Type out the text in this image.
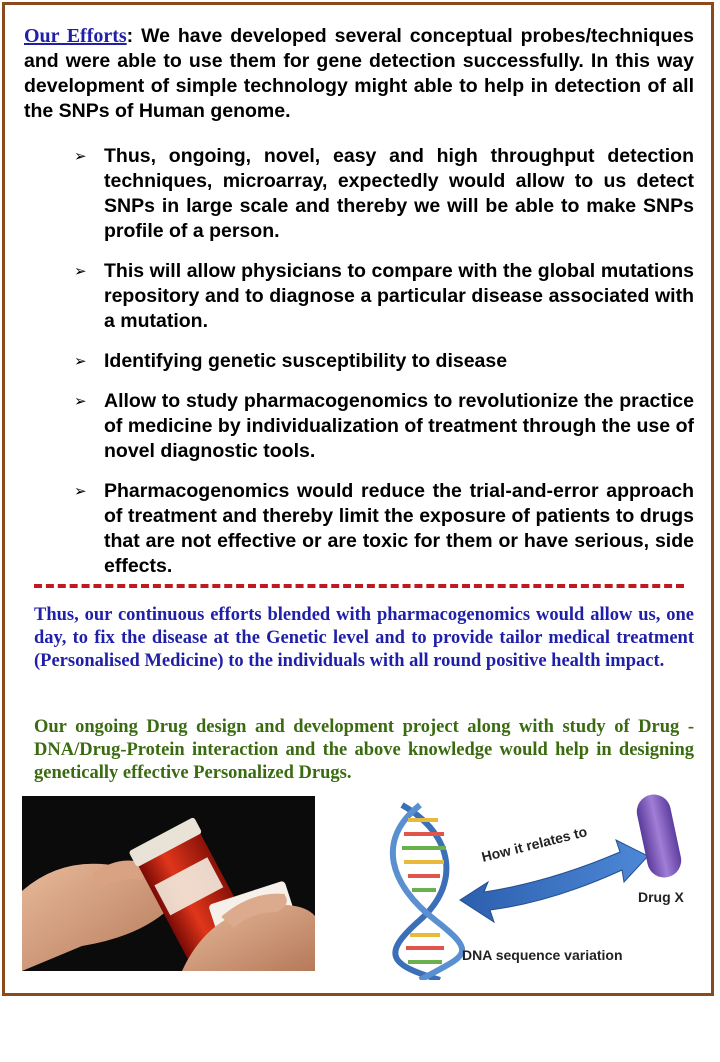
Our Efforts: We have developed several conceptual probes/techniques and were able to use them for gene detection successfully. In this way development of simple technology might able to help in detection of all the SNPs of Human genome.
➢ Thus, ongoing, novel, easy and high throughput detection techniques, microarray, expectedly would allow to us detect SNPs in large scale and thereby we will be able to make SNPs profile of a person.
➢ This will allow physicians to compare with the global mutations repository and to diagnose a particular disease associated with a mutation.
➢ Identifying genetic susceptibility to disease
➢ Allow to study pharmacogenomics to revolutionize the practice of medicine by individualization of treatment through the use of novel diagnostic tools.
➢ Pharmacogenomics would reduce the trial-and-error approach of treatment and thereby limit the exposure of patients to drugs that are not effective or are toxic for them or have serious, side effects.
Thus, our continuous efforts blended with pharmacogenomics would allow us, one day, to fix the disease at the Genetic level and to provide tailor medical treatment (Personalised Medicine) to the individuals with all round positive health impact.
Our ongoing Drug design and development project along with study of Drug -DNA/Drug-Protein interaction and the above knowledge would help in designing genetically effective Personalized Drugs.
How it relates to
Drug X
DNA sequence variation
